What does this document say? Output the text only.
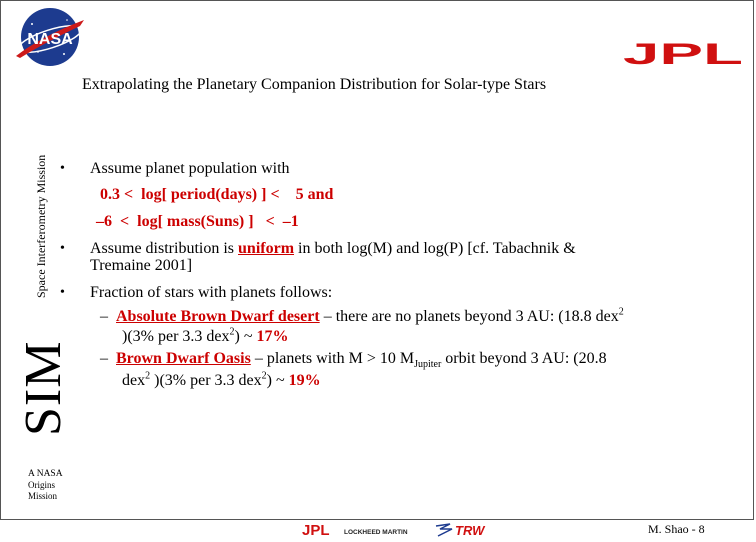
NASA	JPL
Extrapolating the Planetary Companion Distribution for Solar-type Stars
Space Interferometry Mission
SIM
A NASA
Origins
Mission
• Assume planet population with
0.3 <  log[ period(days) ] <    5 and
–6  <  log[ mass(Suns) ]   <  –1
• Assume distribution is uniform in both log(M) and log(P) [cf. Tabachnik &
Tremaine 2001]
• Fraction of stars with planets follows:
– Absolute Brown Dwarf desert – there are no planets beyond 3 AU: (18.8 dex$^2$
)(3% per 3.3 dex$^2$) ~ 17%
– Brown Dwarf Oasis – planets with M > 10 $M_{Jupiter}$ orbit beyond 3 AU: (20.8
dex$^2$ )(3% per 3.3 dex$^2$) ~ 19%
JPL LOCKHEED MARTIN	TRW	M. Shao - 8
